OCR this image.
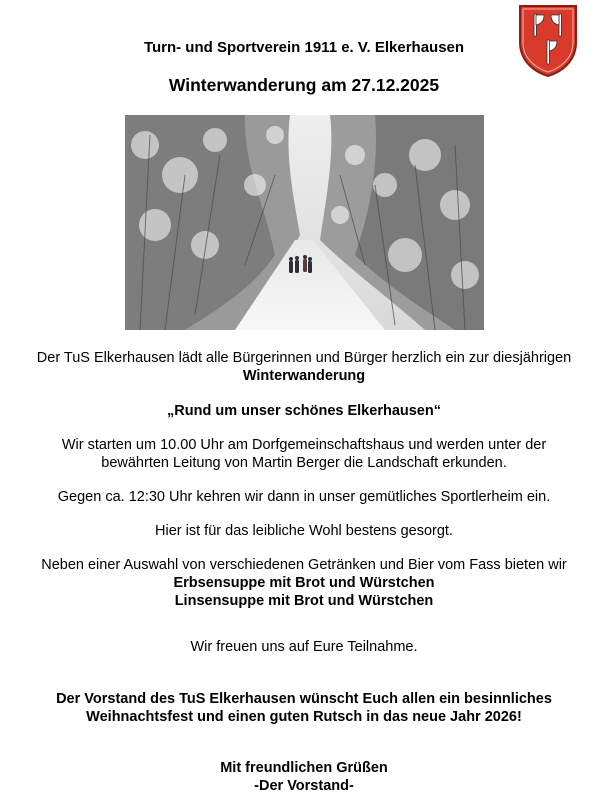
Turn- und Sportverein 1911 e. V. Elkerhausen
Winterwanderung am 27.12.2025
Der TuS Elkerhausen lädt alle Bürgerinnen und Bürger herzlich ein zur diesjährigen
Winterwanderung
„Rund um unser schönes Elkerhausen“
Wir starten um 10.00 Uhr am Dorfgemeinschaftshaus und werden unter der
bewährten Leitung von Martin Berger die Landschaft erkunden.
Gegen ca. 12:30 Uhr kehren wir dann in unser gemütliches Sportlerheim ein.
Hier ist für das leibliche Wohl bestens gesorgt.
Neben einer Auswahl von verschiedenen Getränken und Bier vom Fass bieten wir
Erbsensuppe mit Brot und Würstchen
Linsensuppe mit Brot und Würstchen
Wir freuen uns auf Eure Teilnahme.
Der Vorstand des TuS Elkerhausen wünscht Euch allen ein besinnliches
Weihnachtsfest und einen guten Rutsch in das neue Jahr 2026!
Mit freundlichen Grüßen
-Der Vorstand-
